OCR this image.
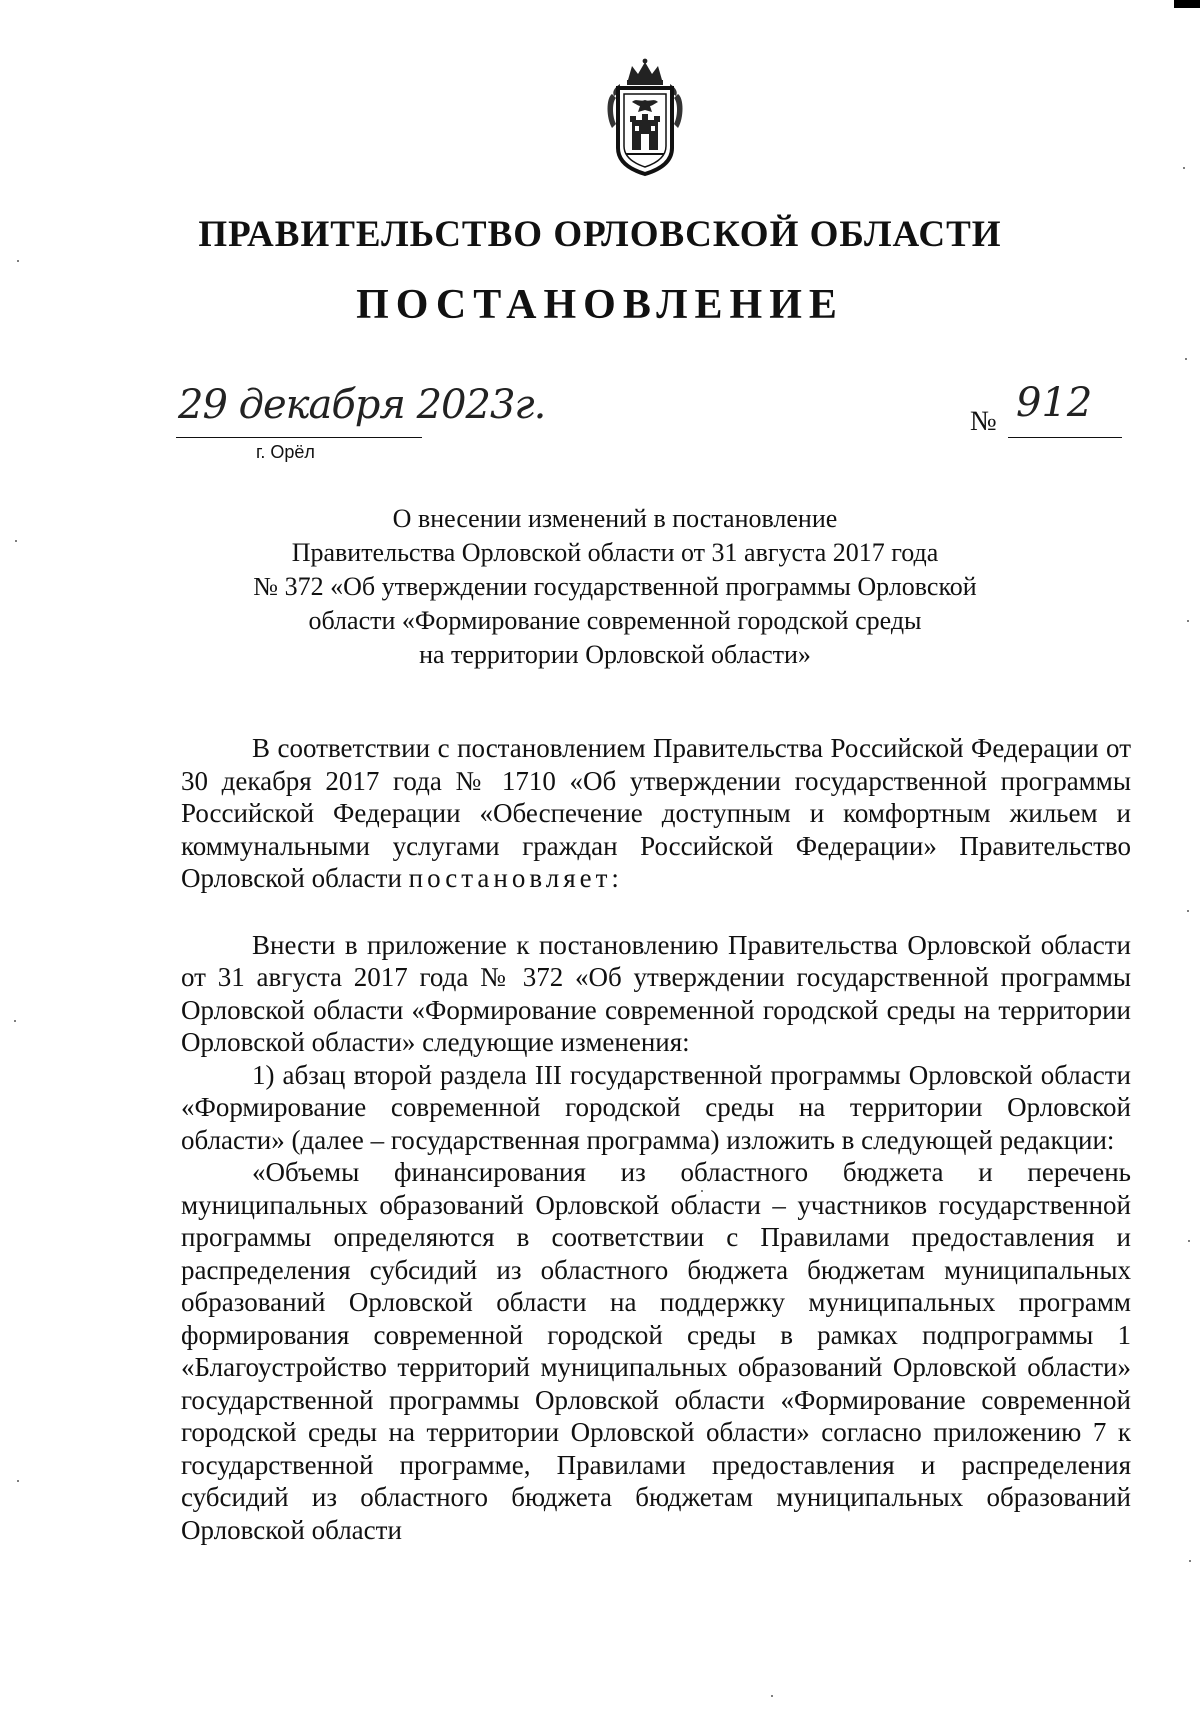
ПРАВИТЕЛЬСТВО ОРЛОВСКОЙ ОБЛАСТИ
ПОСТАНОВЛЕНИЕ
29 декабря 2023г.
г. Орёл
№ 912
О внесении изменений в постановление
Правительства Орловской области от 31 августа 2017 года
№ 372 «Об утверждении государственной программы Орловской
области «Формирование современной городской среды
на территории Орловской области»

В соответствии с постановлением Правительства Российской Федерации от 30 декабря 2017 года № 1710 «Об утверждении государственной программы Российской Федерации «Обеспечение доступным и комфортным жильем и коммунальными услугами граждан Российской Федерации» Правительство Орловской области постановляет:

Внести в приложение к постановлению Правительства Орловской области от 31 августа 2017 года № 372 «Об утверждении государственной программы Орловской области «Формирование современной городской среды на территории Орловской области» следующие изменения:

1) абзац второй раздела III государственной программы Орловской области «Формирование современной городской среды на территории Орловской области» (далее – государственная программа) изложить в следующей редакции:

«Объемы финансирования из областного бюджета и перечень муниципальных образований Орловской области – участников государственной программы определяются в соответствии с Правилами предоставления и распределения субсидий из областного бюджета бюджетам муниципальных образований Орловской области на поддержку муниципальных программ формирования современной городской среды в рамках подпрограммы 1 «Благоустройство территорий муниципальных образований Орловской области» государственной программы Орловской области «Формирование современной городской среды на территории Орловской области» согласно приложению 7 к государственной программе, Правилами предоставления и распределения субсидий из областного бюджета бюджетам муниципальных образований Орловской области
